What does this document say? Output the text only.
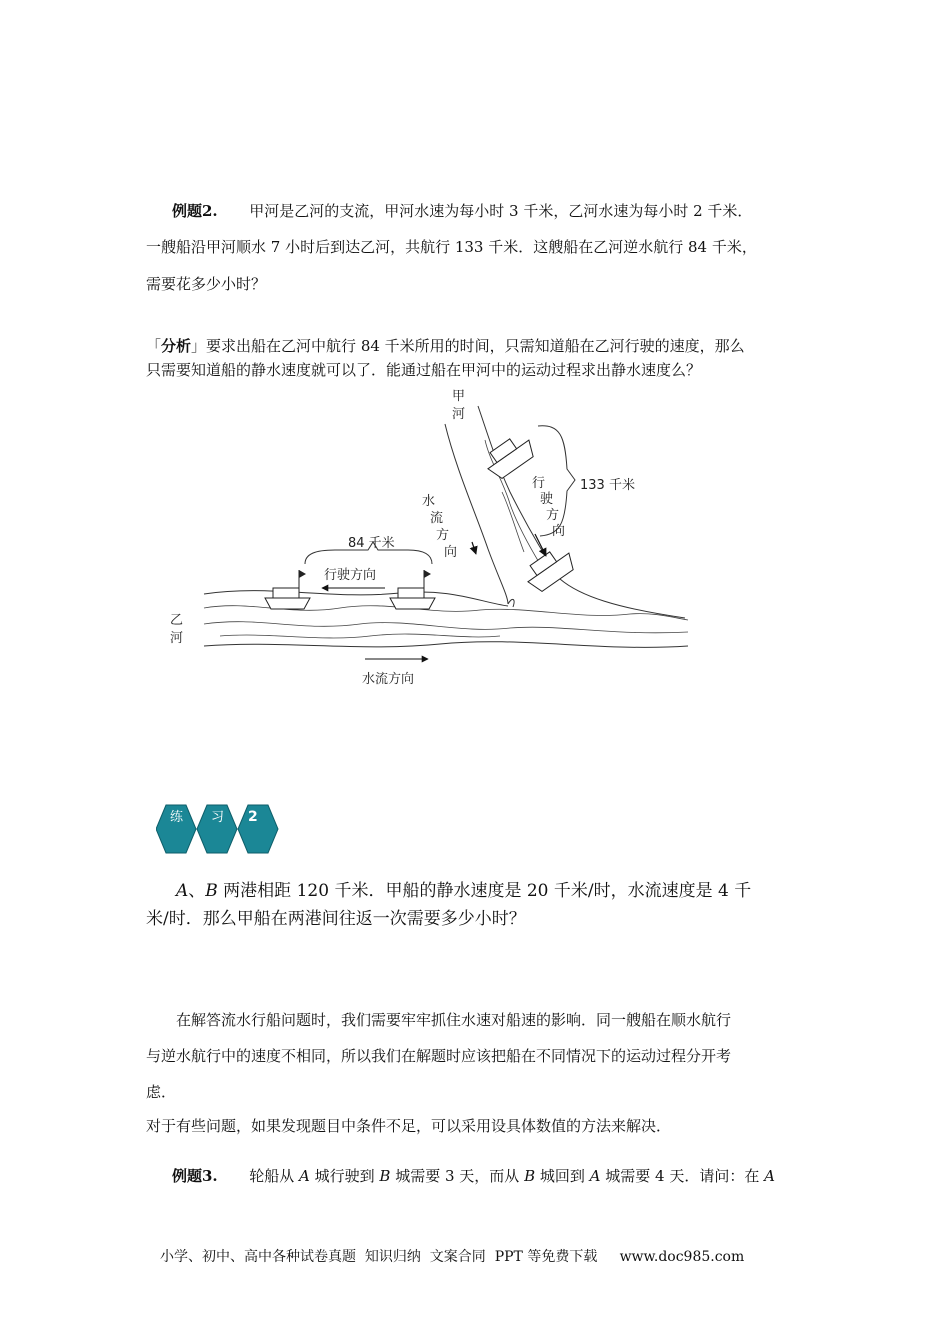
例题2. 甲河是乙河的支流，甲河水速为每小时 3 千米，乙河水速为每小时 2 千米．
一艘船沿甲河顺水 7 小时后到达乙河，共航行 133 千米．这艘船在乙河逆水航行 84 千米，
需要花多少小时？
「分析」要求出船在乙河中航行 84 千米所用的时间，只需知道船在乙河行驶的速度，那么
只需要知道船的静水速度就可以了．能通过船在甲河中的运动过程求出静水速度么？
甲
河
乙
河
133 千米
84 千米
行
驶
方
向
水
流
方
向
行驶方向
水流方向
练 习 2
A、B 两港相距 120 千米．甲船的静水速度是 20 千米/时，水流速度是 4 千
米/时．那么甲船在两港间往返一次需要多少小时？
在解答流水行船问题时，我们需要牢牢抓住水速对船速的影响．同一艘船在顺水航行
与逆水航行中的速度不相同，所以我们在解题时应该把船在不同情况下的运动过程分开考
虑．
对于有些问题，如果发现题目中条件不足，可以采用设具体数值的方法来解决．
例题3. 轮船从 A 城行驶到 B 城需要 3 天，而从 B 城回到 A 城需要 4 天．请问：在 A
小学、初中、高中各种试卷真题  知识归纳  文案合同  PPT 等免费下载     www.doc985.com
